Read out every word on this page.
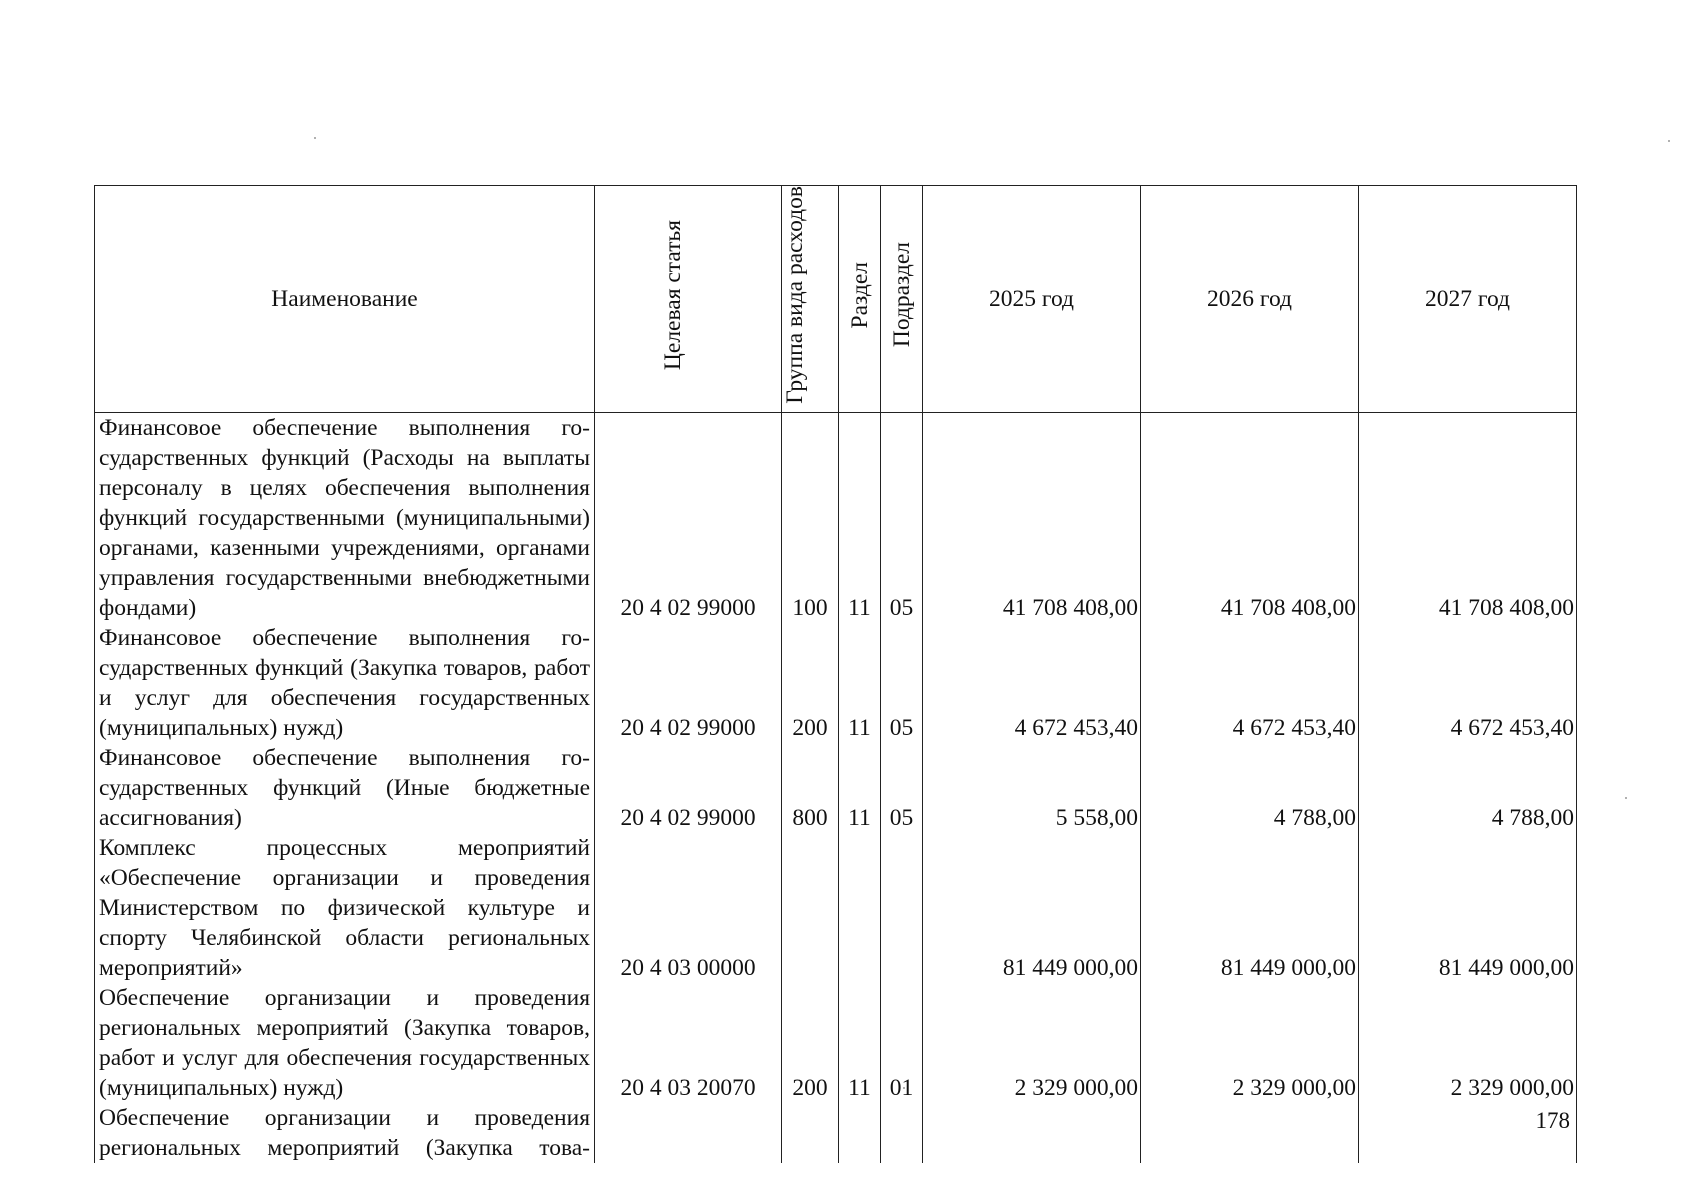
Наименование	Целевая статья	Группа вида расходов	Раздел	Подраздел	2025 год	2026 год	2027 год
Финансовое обеспечение выполнения государственных функций (Расходы на выплаты персоналу в целях обеспечения выполнения функций государственными (муниципальными) органами, казенными учреждениями, органами управления государственными внебюджетными фондами)	20 4 02 99000	100	11	05	41 708 408,00	41 708 408,00	41 708 408,00
Финансовое обеспечение выполнения государственных функций (Закупка товаров, работ и услуг для обеспечения государственных (муниципальных) нужд)	20 4 02 99000	200	11	05	4 672 453,40	4 672 453,40	4 672 453,40
Финансовое обеспечение выполнения государственных функций (Иные бюджетные ассигнования)	20 4 02 99000	800	11	05	5 558,00	4 788,00	4 788,00
Комплекс процессных мероприятий «Обеспечение организации и проведения Министерством по физической культуре и спорту Челябинской области региональных мероприятий»	20 4 03 00000				81 449 000,00	81 449 000,00	81 449 000,00
Обеспечение организации и проведения региональных мероприятий (Закупка товаров, работ и услуг для обеспечения государственных (муниципальных) нужд)	20 4 03 20070	200	11	01	2 329 000,00	2 329 000,00	2 329 000,00
Обеспечение организации и проведения региональных мероприятий (Закупка това-							
178
